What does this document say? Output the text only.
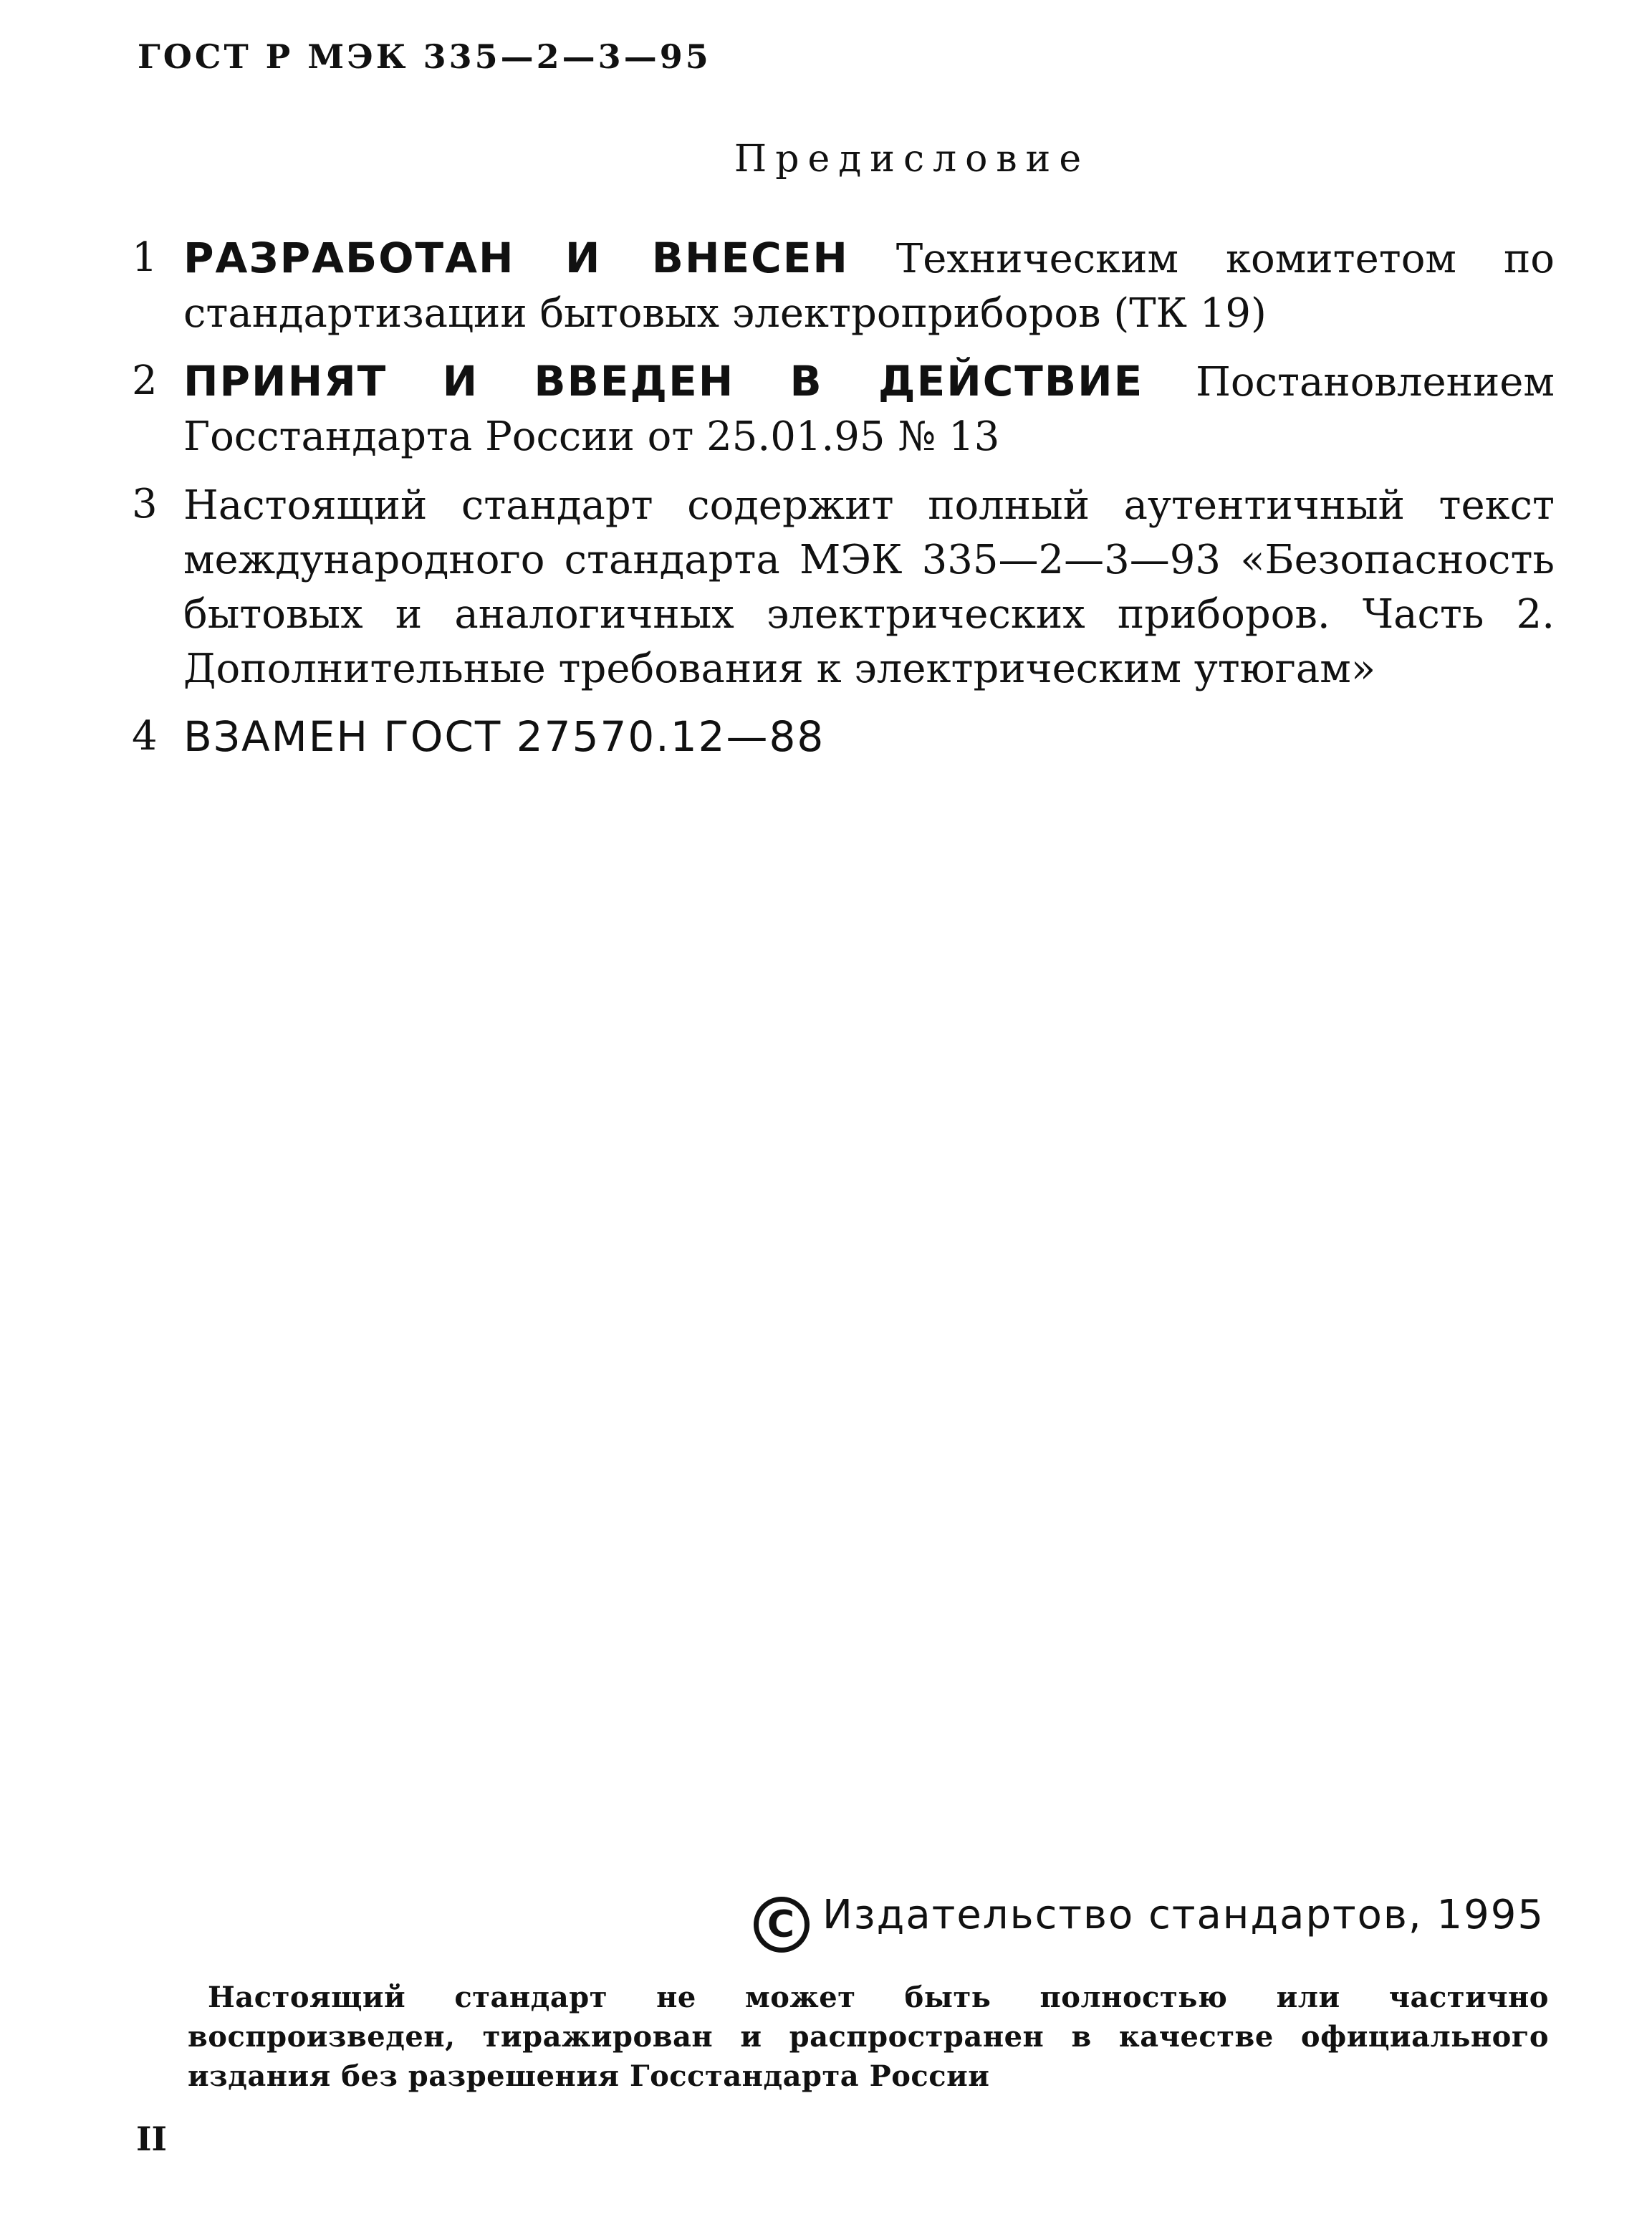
ГОСТ Р МЭК 335—2—3—95
Предисловие
1 РАЗРАБОТАН И ВНЕСЕН Техническим комитетом по стандартизации бытовых электроприборов (ТК 19)
2 ПРИНЯТ И ВВЕДЕН В ДЕЙСТВИЕ Постановлением Госстандарта России от 25.01.95 № 13
3 Настоящий стандарт содержит полный аутентичный текст международного стандарта МЭК 335—2—3—93 «Безопасность бытовых и аналогичных электрических приборов. Часть 2. Дополнительные требования к электрическим утюгам»
4 ВЗАМЕН ГОСТ 27570.12—88
C Издательство стандартов, 1995
Настоящий стандарт не может быть полностью или частично воспроизведен, тиражирован и распространен в качестве официального издания без разрешения Госстандарта России
II
